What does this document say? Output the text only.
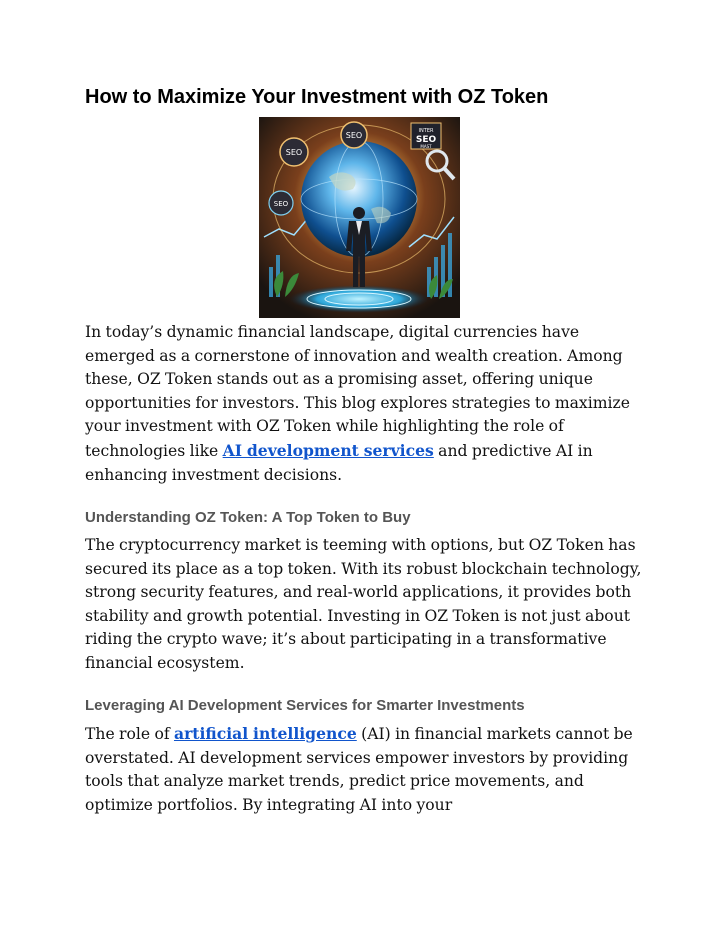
How to Maximize Your Investment with OZ Token
SEO
SEO	INTER
SEO
MAST
SEO

In today’s dynamic financial landscape, digital currencies have emerged as a cornerstone of innovation and wealth creation. Among these, OZ Token stands out as a promising asset, offering unique opportunities for investors. This blog explores strategies to maximize your investment with OZ Token while highlighting the role of technologies like AI development services and predictive AI in enhancing investment decisions.

Understanding OZ Token: A Top Token to Buy

The cryptocurrency market is teeming with options, but OZ Token has secured its place as a top token. With its robust blockchain technology, strong security features, and real-world applications, it provides both stability and growth potential. Investing in OZ Token is not just about riding the crypto wave; it’s about participating in a transformative financial ecosystem.

Leveraging AI Development Services for Smarter Investments

The role of artificial intelligence (AI) in financial markets cannot be overstated. AI development services empower investors by providing tools that analyze market trends, predict price movements, and optimize portfolios. By integrating AI into your
